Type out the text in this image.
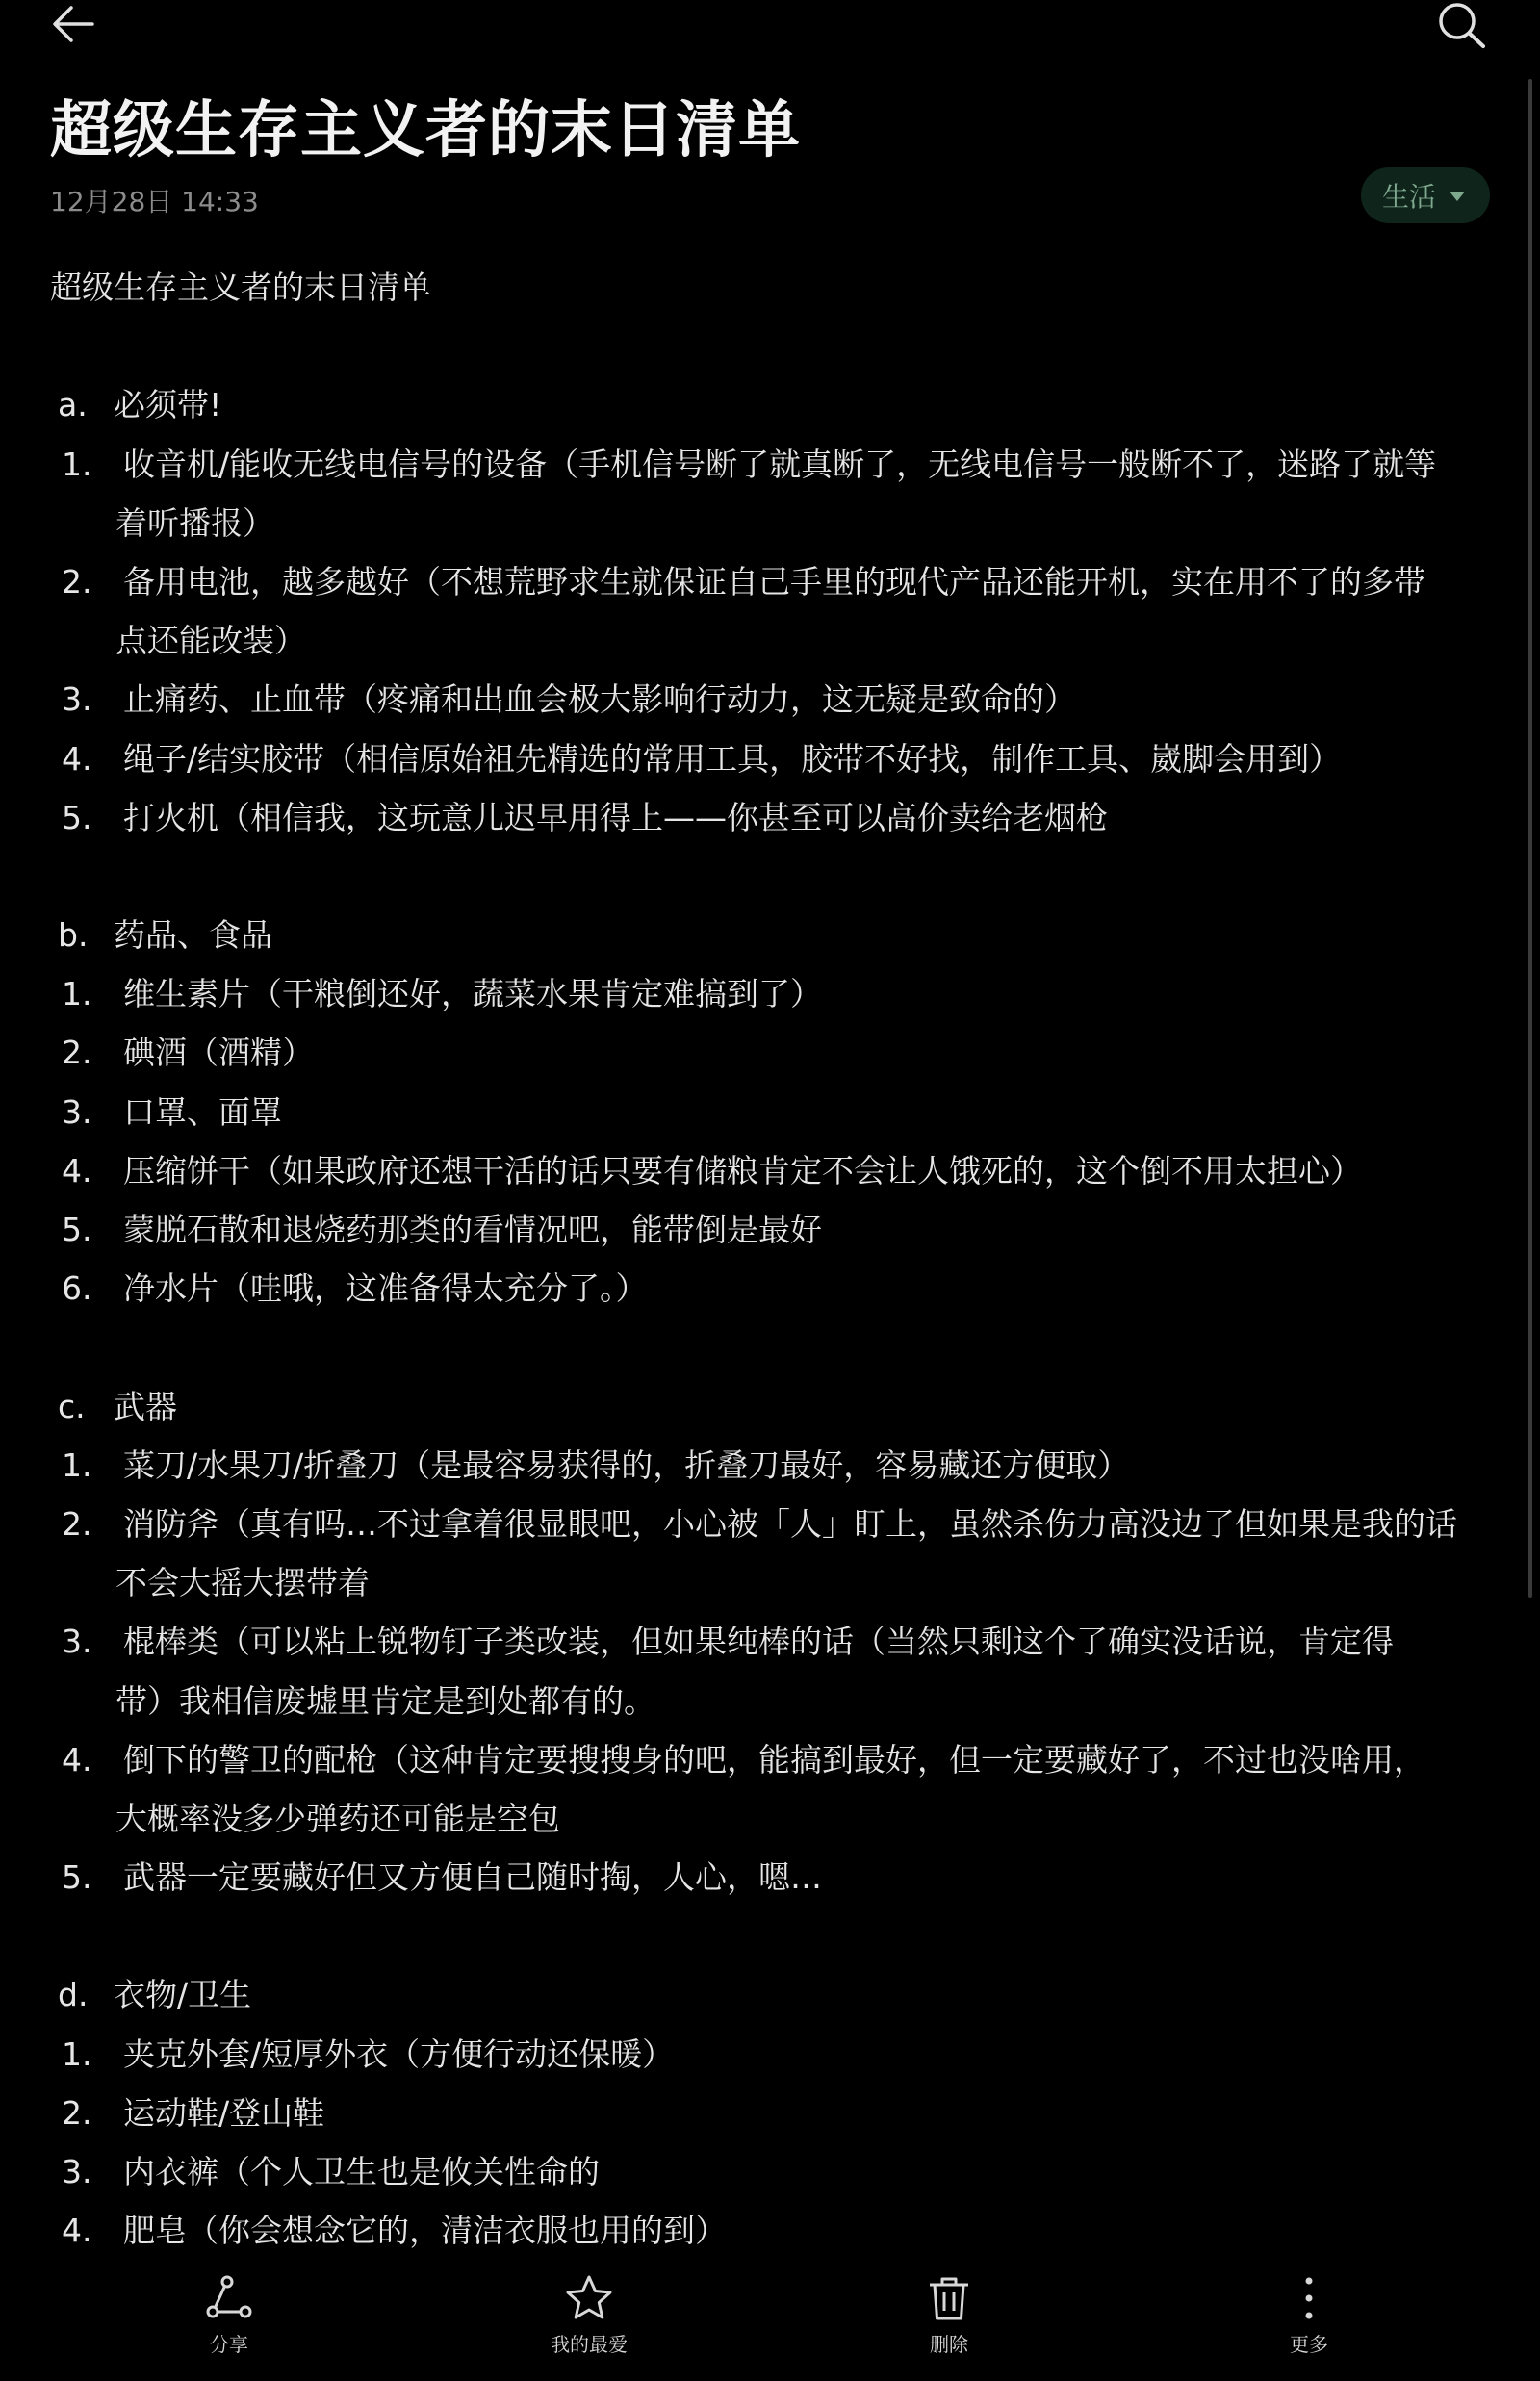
超级生存主义者的末日清单
12月28日 14:33	生活
超级生存主义者的末日清单
a. 必须带!
1. 收音机/能收无线电信号的设备（手机信号断了就真断了，无线电信号一般断不了，迷路了就等
着听播报）
2. 备用电池，越多越好（不想荒野求生就保证自己手里的现代产品还能开机，实在用不了的多带
点还能改装）
3. 止痛药、止血带（疼痛和出血会极大影响行动力，这无疑是致命的）
4. 绳子/结实胶带（相信原始祖先精选的常用工具，胶带不好找，制作工具、崴脚会用到）
5. 打火机（相信我，这玩意儿迟早用得上——你甚至可以高价卖给老烟枪
b. 药品、食品
1. 维生素片（干粮倒还好，蔬菜水果肯定难搞到了）
2. 碘酒（酒精）
3. 口罩、面罩
4. 压缩饼干（如果政府还想干活的话只要有储粮肯定不会让人饿死的，这个倒不用太担心）
5. 蒙脱石散和退烧药那类的看情况吧，能带倒是最好
6. 净水片（哇哦，这准备得太充分了。）
c. 武器
1. 菜刀/水果刀/折叠刀（是最容易获得的，折叠刀最好，容易藏还方便取）
2. 消防斧（真有吗…不过拿着很显眼吧，小心被「人」盯上，虽然杀伤力高没边了但如果是我的话
不会大摇大摆带着
3. 棍棒类（可以粘上锐物钉子类改装，但如果纯棒的话（当然只剩这个了确实没话说，肯定得
带）我相信废墟里肯定是到处都有的。
4. 倒下的警卫的配枪（这种肯定要搜搜身的吧，能搞到最好，但一定要藏好了，不过也没啥用，
大概率没多少弹药还可能是空包
5. 武器一定要藏好但又方便自己随时掏，人心，嗯…
d. 衣物/卫生
1. 夹克外套/短厚外衣（方便行动还保暖）
2. 运动鞋/登山鞋
3. 内衣裤（个人卫生也是攸关性命的
4. 肥皂（你会想念它的，清洁衣服也用的到）
分享	我的最爱	删除	更多
